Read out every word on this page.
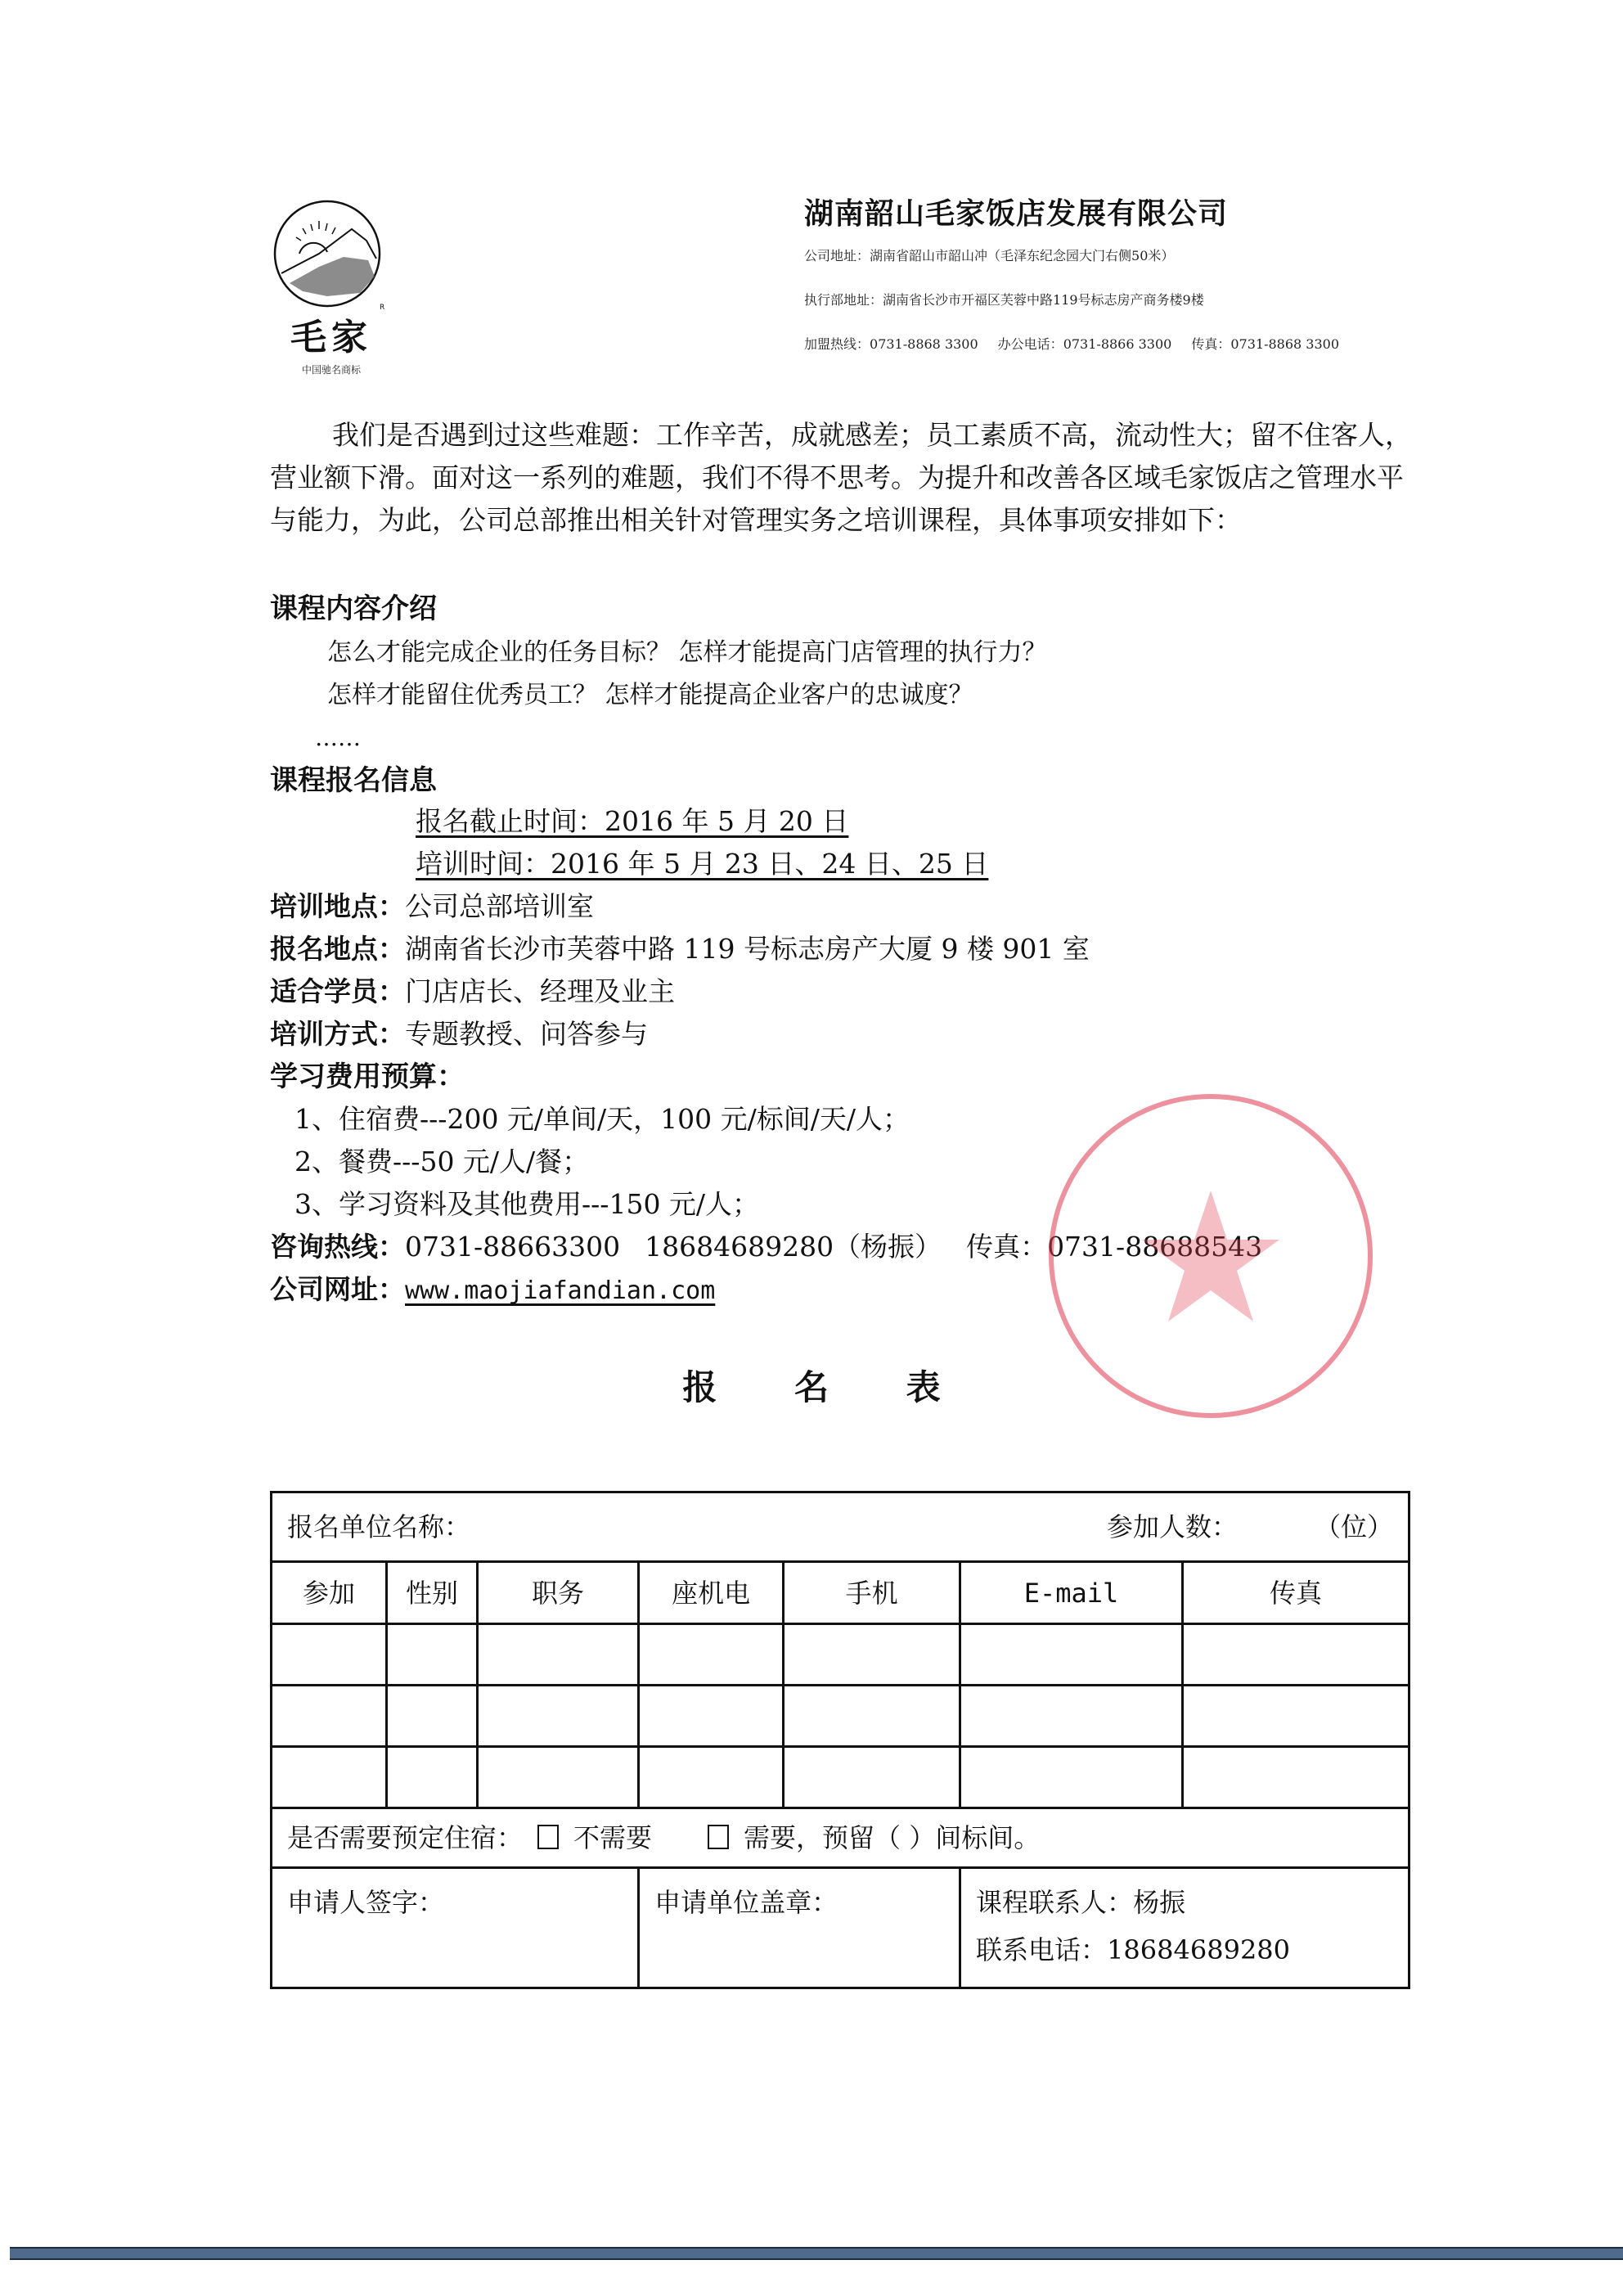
R
毛家
中国驰名商标
湖南韶山毛家饭店发展有限公司
公司地址：湖南省韶山市韶山冲（毛泽东纪念园大门右侧50米）
执行部地址：湖南省长沙市开福区芙蓉中路119号标志房产商务楼9楼
加盟热线：0731-8868 3300 办公电话：0731-8866 3300 传真：0731-8868 3300
我们是否遇到过这些难题：工作辛苦，成就感差；员工素质不高，流动性大；留不住客人，营业额下滑。面对这一系列的难题，我们不得不思考。为提升和改善各区域毛家饭店之管理水平与能力，为此，公司总部推出相关针对管理实务之培训课程，具体事项安排如下：
课程内容介绍
怎么才能完成企业的任务目标？ 怎样才能提高门店管理的执行力？
怎样才能留住优秀员工？ 怎样才能提高企业客户的忠诚度？
……
课程报名信息
报名截止时间：2016 年 5 月 20 日
培训时间：2016 年 5 月 23 日、24 日、25 日
培训地点：公司总部培训室
报名地点：湖南省长沙市芙蓉中路 119 号标志房产大厦 9 楼 901 室
适合学员：门店店长、经理及业主
培训方式：专题教授、问答参与
学习费用预算：
1、住宿费---200 元/单间/天，100 元/标间/天/人；
2、餐费---50 元/人/餐；
3、学习资料及其他费用---150 元/人；
咨询热线：0731-88663300 18684689280（杨振） 传真：0731-88688543
公司网址：www.maojiafandian.com
报 名 表
报名单位名称： 参加人数： （位）						

参加	性别	职务	座机电	手机	E-mail	传真

是否需要预定住宿： 不需要 需要，预留（ ）间标间。						
申请人签字：			申请单位盖章：		课程联系人：杨振
联系电话：18684689280	
